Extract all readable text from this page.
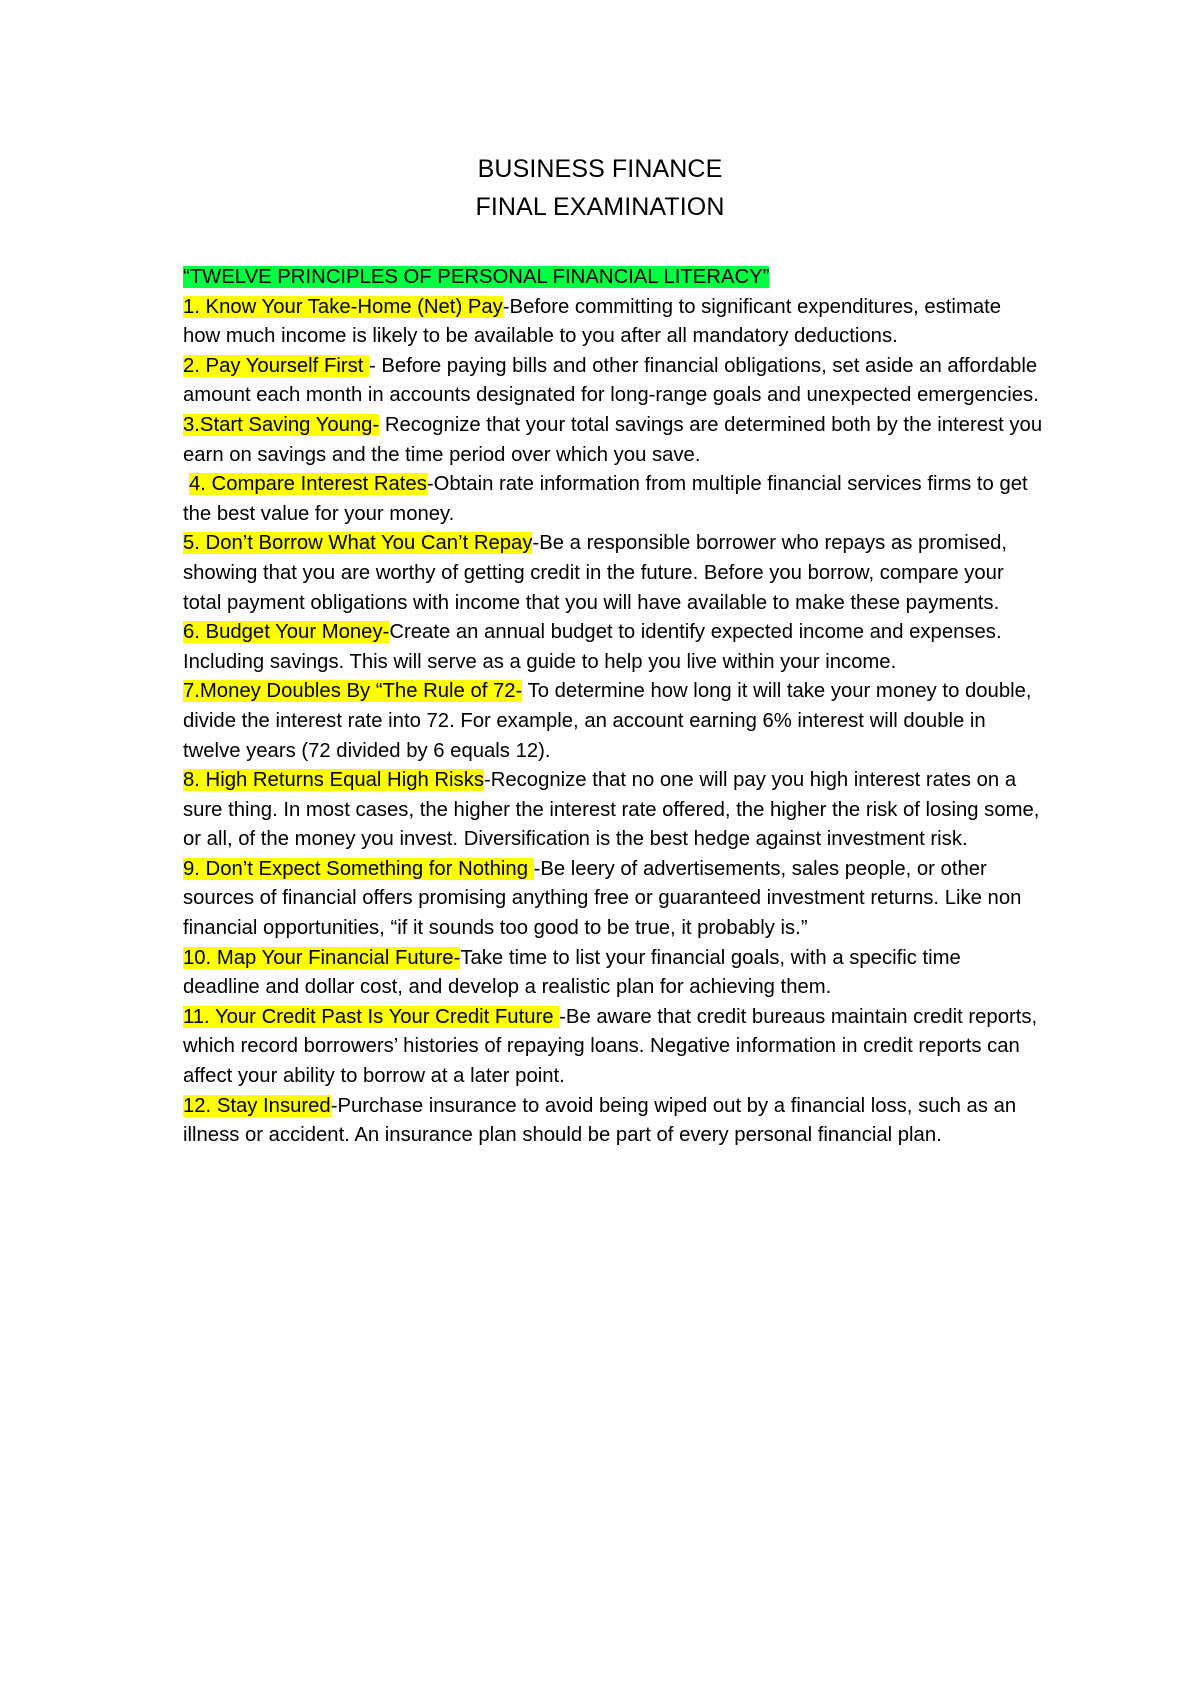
BUSINESS FINANCE
FINAL EXAMINATION
“TWELVE PRINCIPLES OF PERSONAL FINANCIAL LITERACY”

1. Know Your Take-Home (Net) Pay-Before committing to significant expenditures, estimate how much income is likely to be available to you after all mandatory deductions.

2. Pay Yourself First - Before paying bills and other financial obligations, set aside an affordable amount each month in accounts designated for long-range goals and unexpected emergencies.

3.Start Saving Young- Recognize that your total savings are determined both by the interest you earn on savings and the time period over which you save.

4. Compare Interest Rates-Obtain rate information from multiple financial services firms to get the best value for your money.

5. Don’t Borrow What You Can’t Repay-Be a responsible borrower who repays as promised, showing that you are worthy of getting credit in the future. Before you borrow, compare your total payment obligations with income that you will have available to make these payments.

6. Budget Your Money-Create an annual budget to identify expected income and expenses. Including savings. This will serve as a guide to help you live within your income.

7.Money Doubles By “The Rule of 72- To determine how long it will take your money to double, divide the interest rate into 72. For example, an account earning 6% interest will double in twelve years (72 divided by 6 equals 12).

8. High Returns Equal High Risks-Recognize that no one will pay you high interest rates on a sure thing. In most cases, the higher the interest rate offered, the higher the risk of losing some, or all, of the money you invest. Diversification is the best hedge against investment risk.

9. Don’t Expect Something for Nothing -Be leery of advertisements, sales people, or other sources of financial offers promising anything free or guaranteed investment returns. Like non financial opportunities, “if it sounds too good to be true, it probably is.”

10. Map Your Financial Future-Take time to list your financial goals, with a specific time deadline and dollar cost, and develop a realistic plan for achieving them.

11. Your Credit Past Is Your Credit Future -Be aware that credit bureaus maintain credit reports, which record borrowers’ histories of repaying loans. Negative information in credit reports can affect your ability to borrow at a later point.

12. Stay Insured-Purchase insurance to avoid being wiped out by a financial loss, such as an illness or accident. An insurance plan should be part of every personal financial plan.
